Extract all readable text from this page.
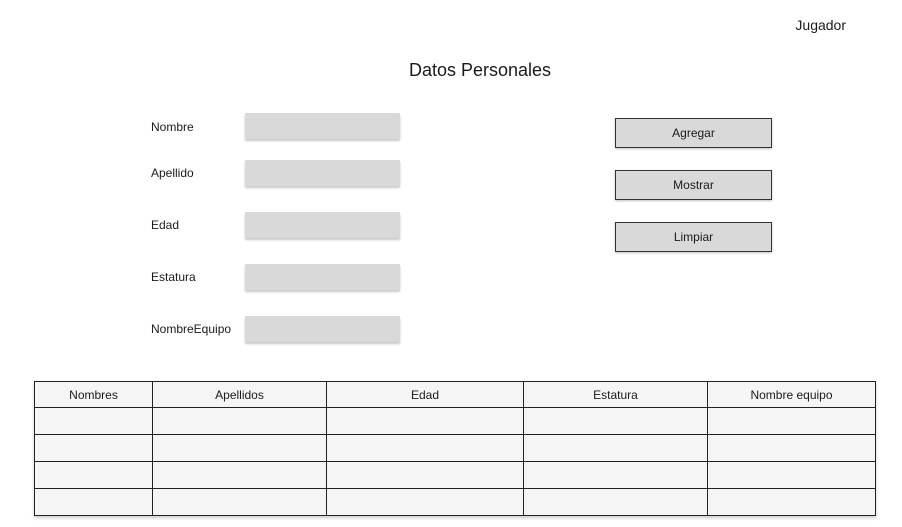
Jugador
Datos Personales
Nombre
Apellido
Edad
Estatura
NombreEquipo
Agregar
Mostrar
Limpiar
Nombres	Apellidos	Edad	Estatura	Nombre equipo
